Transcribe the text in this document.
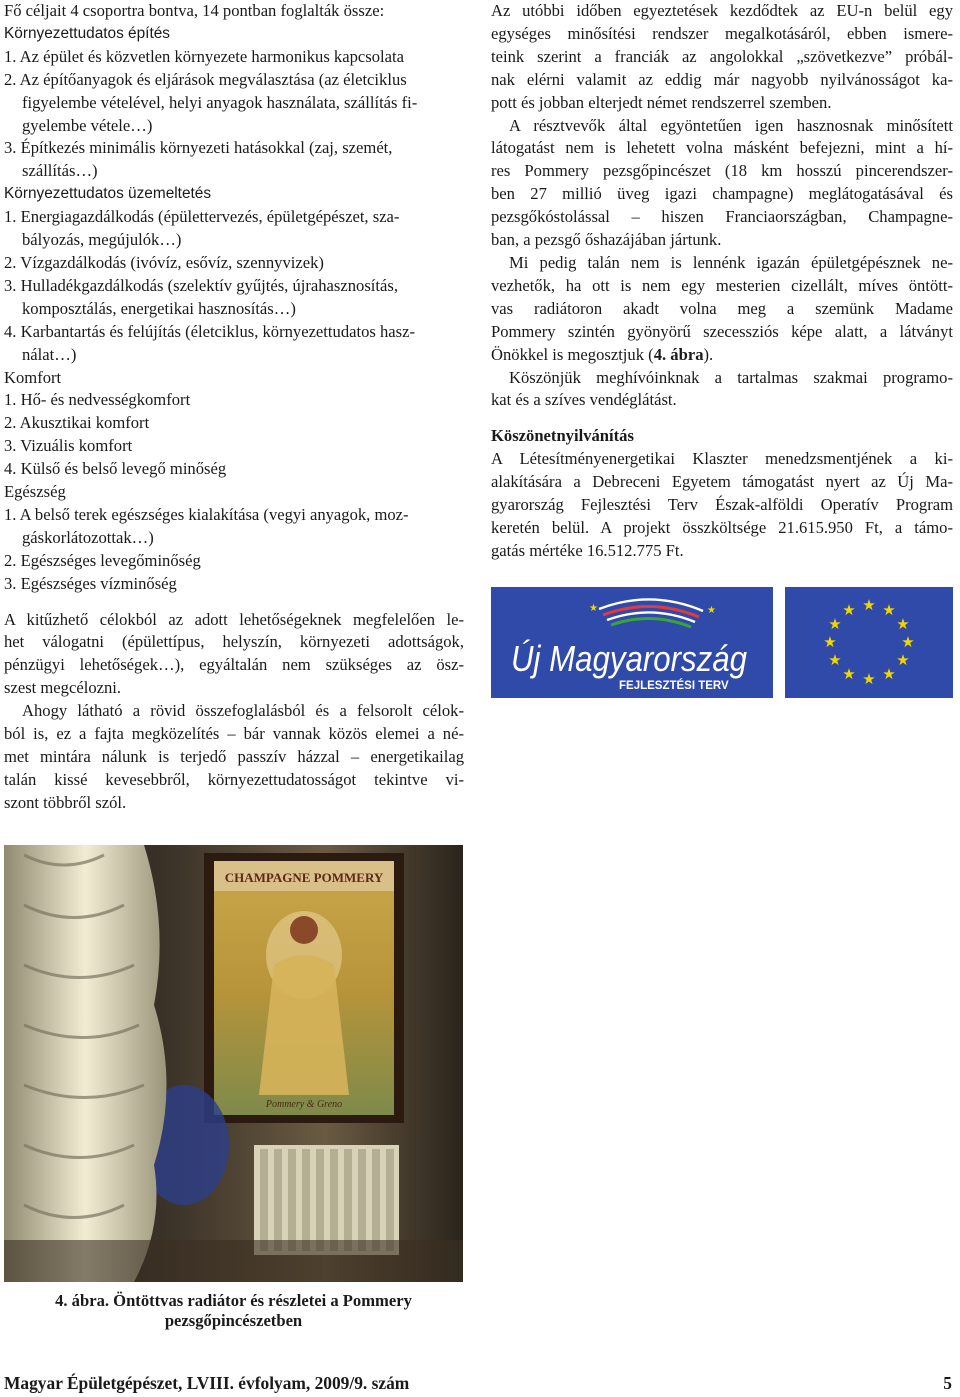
Fő céljait 4 csoportra bontva, 14 pontban foglalták össze:
Környezettudatos építés
1. Az épület és közvetlen környezete harmonikus kapcsolata
2. Az építőanyagok és eljárások megválasztása (az életciklus
figyelembe vételével, helyi anyagok használata, szállítás fi-
gyelembe vétele…)
3. Építkezés minimális környezeti hatásokkal (zaj, szemét,
szállítás…)
Környezettudatos üzemeltetés
1. Energiagazdálkodás (épülettervezés, épületgépészet, sza-
bályozás, megújulók…)
2. Vízgazdálkodás (ivóvíz, esővíz, szennyvizek)
3. Hulladékgazdálkodás (szelektív gyűjtés, újrahasznosítás,
komposztálás, energetikai hasznosítás…)
4. Karbantartás és felújítás (életciklus, környezettudatos hasz-
nálat…)
Komfort
1. Hő- és nedvességkomfort
2. Akusztikai komfort
3. Vizuális komfort
4. Külső és belső levegő minőség
Egészség
1. A belső terek egészséges kialakítása (vegyi anyagok, moz-
gáskorlátozottak…)
2. Egészséges levegőminőség
3. Egészséges vízminőség
A kitűzhető célokból az adott lehetőségeknek megfelelően le-
het válogatni (épülettípus, helyszín, környezeti adottságok,
pénzügyi lehetőségek…), egyáltalán nem szükséges az ösz-
szest megcélozni.
Ahogy látható a rövid összefoglalásból és a felsorolt célok-
ból is, ez a fajta megközelítés – bár vannak közös elemei a né-
met mintára nálunk is terjedő passzív házzal – energetikailag
talán kissé kevesebbről, környezettudatosságot tekintve vi-
szont többről szól.
Az utóbbi időben egyeztetések kezdődtek az EU-n belül egy
egységes minősítési rendszer megalkotásáról, ebben ismere-
teink szerint a franciák az angolokkal „szövetkezve” próbál-
nak elérni valamit az eddig már nagyobb nyilvánosságot ka-
pott és jobban elterjedt német rendszerrel szemben.
A résztvevők által egyöntetűen igen hasznosnak minősített
látogatást nem is lehetett volna másként befejezni, mint a hí-
res Pommery pezsgőpincészet (18 km hosszú pincerendszer-
ben 27 millió üveg igazi champagne) meglátogatásával és
pezsgőkóstolással – hiszen Franciaországban, Champagne-
ban, a pezsgő őshazájában jártunk.
Mi pedig talán nem is lennénk igazán épületgépésznek ne-
vezhetők, ha ott is nem egy mesterien cizellált, míves öntött-
vas radiátoron akadt volna meg a szemünk Madame
Pommery szintén gyönyörű szecessziós képe alatt, a látványt
Önökkel is megosztjuk (4. ábra).
Köszönjük meghívóinknak a tartalmas szakmai programo-
kat és a szíves vendéglátást.
Köszönetnyilvánítás
A Létesítményenergetikai Klaszter menedzsmentjének a ki-
alakítására a Debreceni Egyetem támogatást nyert az Új Ma-
gyarország Fejlesztési Terv Észak-alföldi Operatív Program
keretén belül. A projekt összköltsége 21.615.950 Ft, a támo-
gatás mértéke 16.512.775 Ft.
★	★
Új Magyarország
FEJLESZTÉSI TERV
★ ★
★
★
★
★
★
★
★
★
★
★
CHAMPAGNE POMMERY
Pommery & Greno
4. ábra. Öntöttvas radiátor és részletei a Pommery
pezsgőpincészetben
Magyar Épületgépészet, LVIII. évfolyam, 2009/9. szám	5
